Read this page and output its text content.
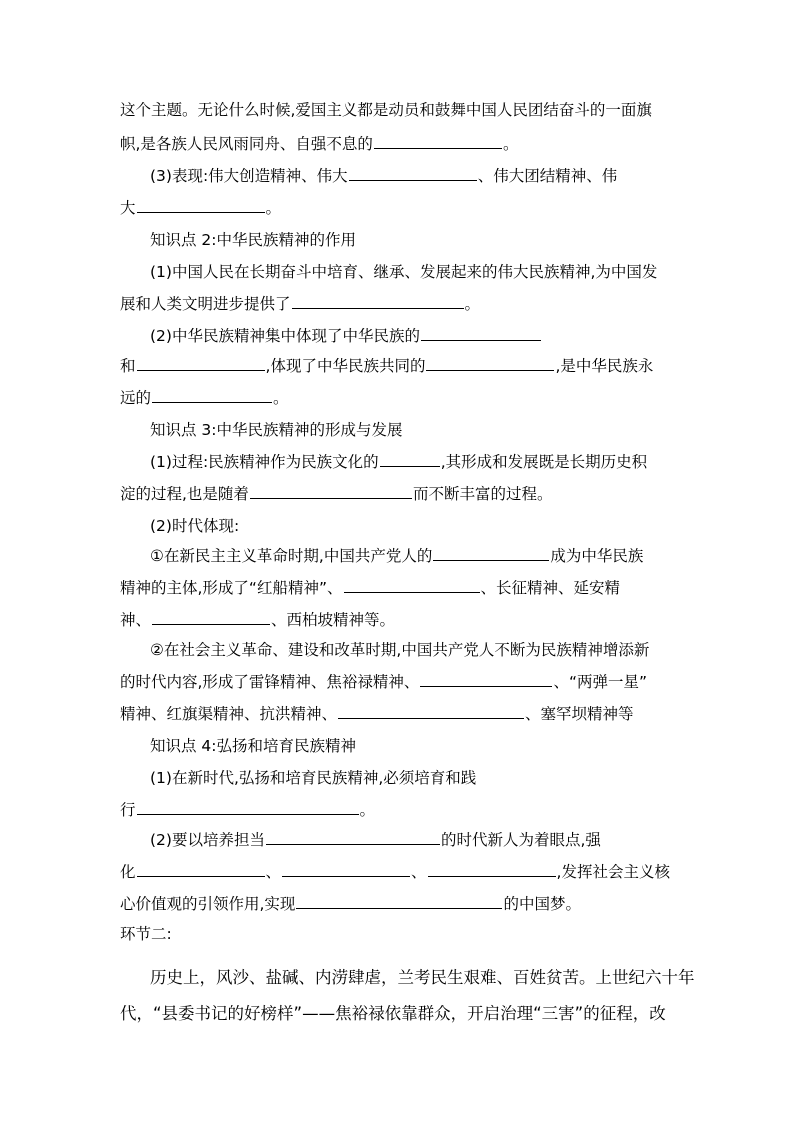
这个主题。无论什么时候,爱国主义都是动员和鼓舞中国人民团结奋斗的一面旗
帜,是各族人民风雨同舟、自强不息的	。
(3)表现:伟大创造精神、伟大	、伟大团结精神、伟
大	。
知识点 2:中华民族精神的作用
(1)中国人民在长期奋斗中培育、继承、发展起来的伟大民族精神,为中国发
展和人类文明进步提供了	。
(2)中华民族精神集中体现了中华民族的
和	,体现了中华民族共同的	,是中华民族永
远的	。
知识点 3:中华民族精神的形成与发展
(1)过程:民族精神作为民族文化的	,其形成和发展既是长期历史积
淀的过程,也是随着	而不断丰富的过程。
(2)时代体现:
①在新民主主义革命时期,中国共产党人的	成为中华民族
精神的主体,形成了“红船精神”、	、长征精神、延安精
神、	、西柏坡精神等。
②在社会主义革命、建设和改革时期,中国共产党人不断为民族精神增添新
的时代内容,形成了雷锋精神、焦裕禄精神、	、“两弹一星”
精神、红旗渠精神、抗洪精神、	、塞罕坝精神等
知识点 4:弘扬和培育民族精神
(1)在新时代,弘扬和培育民族精神,必须培育和践
行	。
(2)要以培养担当	的时代新人为着眼点,强
化	、	、	,发挥社会主义核
心价值观的引领作用,实现	的中国梦。
环节二:
历史上，风沙、盐碱、内涝肆虐，兰考民生艰难、百姓贫苦。上世纪六十年
代，“县委书记的好榜样”——焦裕禄依靠群众，开启治理“三害”的征程，改
